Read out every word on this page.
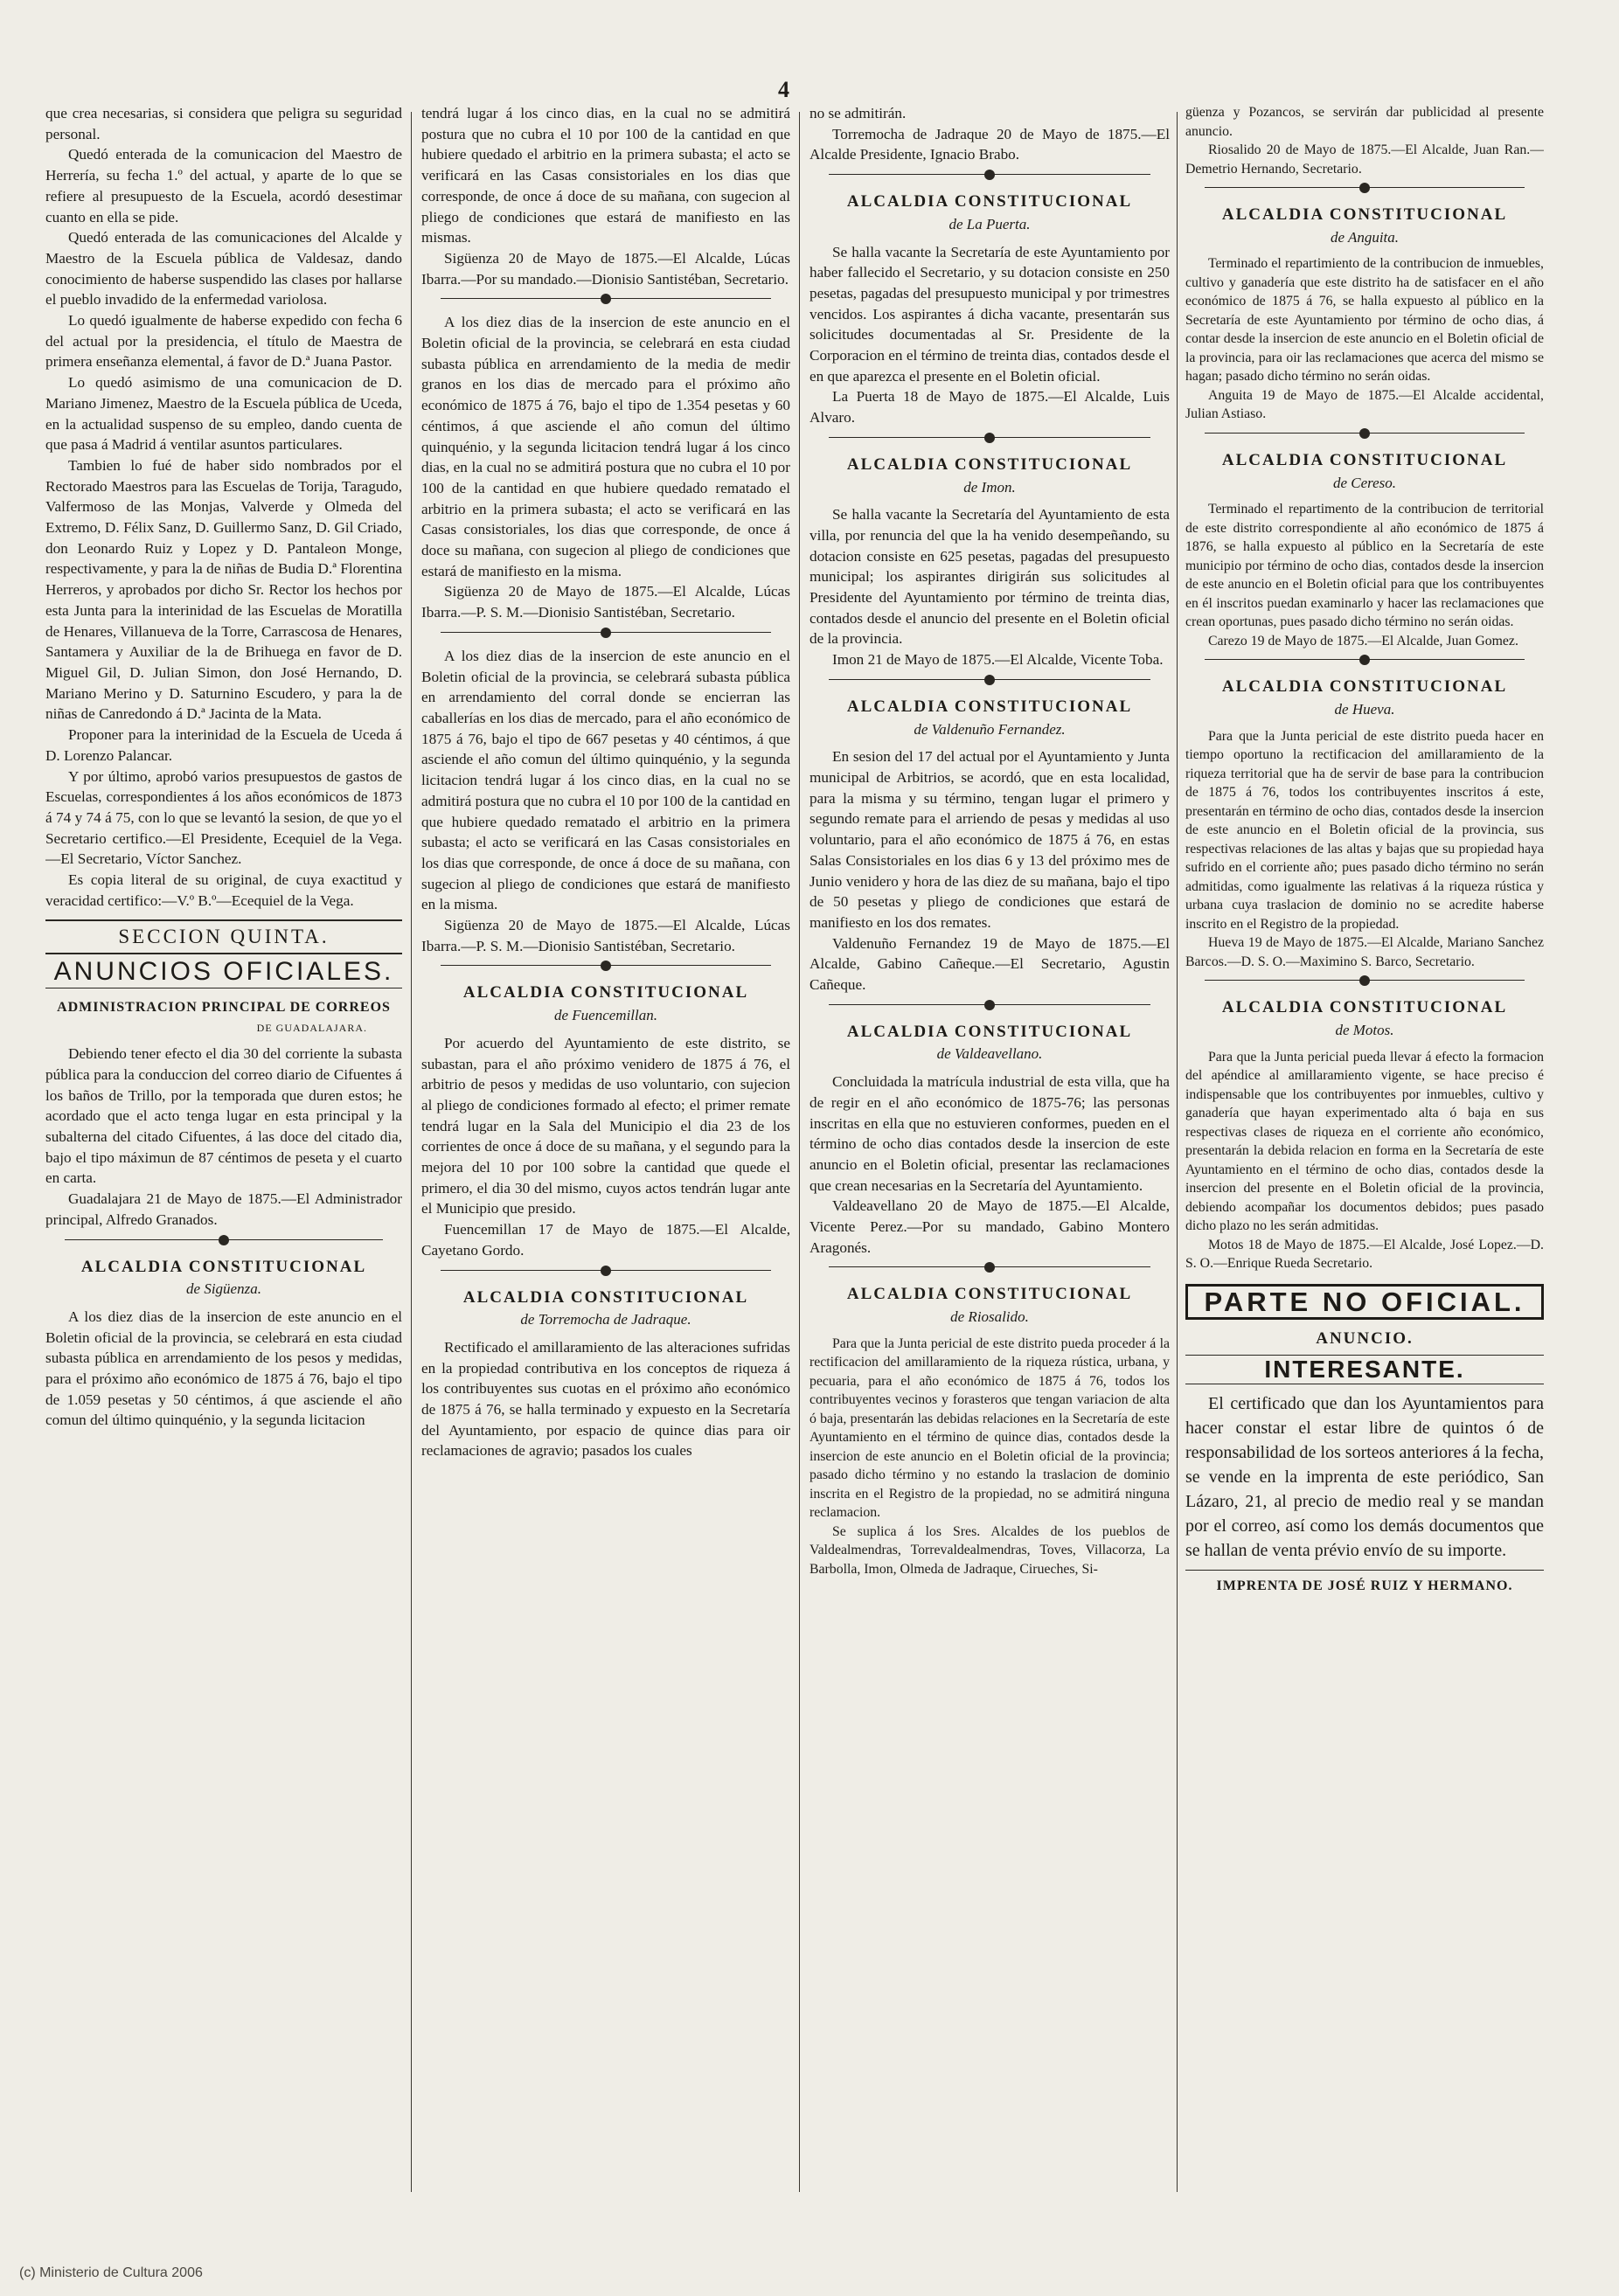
4

que crea necesarias, si considera que peligra su seguridad personal.

Quedó enterada de la comunicacion del Maestro de Herrería, su fecha 1.º del actual, y aparte de lo que se refiere al presupuesto de la Escuela, acordó desestimar cuanto en ella se pide.

Quedó enterada de las comunicaciones del Alcalde y Maestro de la Escuela pública de Valdesaz, dando conocimiento de haberse suspendido las clases por hallarse el pueblo invadido de la enfermedad variolosa.

Lo quedó igualmente de haberse expedido con fecha 6 del actual por la presidencia, el título de Maestra de primera enseñanza elemental, á favor de D.ª Juana Pastor.

Lo quedó asimismo de una comunicacion de D. Mariano Jimenez, Maestro de la Escuela pública de Uceda, en la actualidad suspenso de su empleo, dando cuenta de que pasa á Madrid á ventilar asuntos particulares.

Tambien lo fué de haber sido nombrados por el Rectorado Maestros para las Escuelas de Torija, Taragudo, Valfermoso de las Monjas, Valverde y Olmeda del Extremo, D. Félix Sanz, D. Guillermo Sanz, D. Gil Criado, don Leonardo Ruiz y Lopez y D. Pantaleon Monge, respectivamente, y para la de niñas de Budia D.ª Florentina Herreros, y aprobados por dicho Sr. Rector los hechos por esta Junta para la interinidad de las Escuelas de Moratilla de Henares, Villanueva de la Torre, Carrascosa de Henares, Santamera y Auxiliar de la de Brihuega en favor de D. Miguel Gil, D. Julian Simon, don José Hernando, D. Mariano Merino y D. Saturnino Escudero, y para la de niñas de Canredondo á D.ª Jacinta de la Mata.

Proponer para la interinidad de la Escuela de Uceda á D. Lorenzo Palancar.

Y por último, aprobó varios presupuestos de gastos de Escuelas, correspondientes á los años económicos de 1873 á 74 y 74 á 75, con lo que se levantó la sesion, de que yo el Secretario certifico.—El Presidente, Ecequiel de la Vega.—El Secretario, Víctor Sanchez.

Es copia literal de su original, de cuya exactitud y veracidad certifico:—V.º B.º—Ecequiel de la Vega.

SECCION QUINTA.
ANUNCIOS OFICIALES.
ADMINISTRACION PRINCIPAL DE CORREOS
DE GUADALAJARA.

Debiendo tener efecto el dia 30 del corriente la subasta pública para la conduccion del correo diario de Cifuentes á los baños de Trillo, por la temporada que duren estos; he acordado que el acto tenga lugar en esta principal y la subalterna del citado Cifuentes, á las doce del citado dia, bajo el tipo máximun de 87 céntimos de peseta y el cuarto en carta.

Guadalajara 21 de Mayo de 1875.—El Administrador principal, Alfredo Granados.

ALCALDIA CONSTITUCIONAL
de Sigüenza.

A los diez dias de la insercion de este anuncio en el Boletin oficial de la provincia, se celebrará en esta ciudad subasta pública en arrendamiento de los pesos y medidas, para el próximo año económico de 1875 á 76, bajo el tipo de 1.059 pesetas y 50 céntimos, á que asciende el año comun del último quinquénio, y la segunda licitacion

tendrá lugar á los cinco dias, en la cual no se admitirá postura que no cubra el 10 por 100 de la cantidad en que hubiere quedado el arbitrio en la primera subasta; el acto se verificará en las Casas consistoriales en los dias que corresponde, de once á doce de su mañana, con sugecion al pliego de condiciones que estará de manifiesto en las mismas.

Sigüenza 20 de Mayo de 1875.—El Alcalde, Lúcas Ibarra.—Por su mandado.—Dionisio Santistéban, Secretario.

A los diez dias de la insercion de este anuncio en el Boletin oficial de la provincia, se celebrará en esta ciudad subasta pública en arrendamiento de la media de medir granos en los dias de mercado para el próximo año económico de 1875 á 76, bajo el tipo de 1.354 pesetas y 60 céntimos, á que asciende el año comun del último quinquénio, y la segunda licitacion tendrá lugar á los cinco dias, en la cual no se admitirá postura que no cubra el 10 por 100 de la cantidad en que hubiere quedado rematado el arbitrio en la primera subasta; el acto se verificará en las Casas consistoriales, los dias que corresponde, de once á doce su mañana, con sugecion al pliego de condiciones que estará de manifiesto en la misma.

Sigüenza 20 de Mayo de 1875.—El Alcalde, Lúcas Ibarra.—P. S. M.—Dionisio Santistéban, Secretario.

A los diez dias de la insercion de este anuncio en el Boletin oficial de la provincia, se celebrará subasta pública en arrendamiento del corral donde se encierran las caballerías en los dias de mercado, para el año económico de 1875 á 76, bajo el tipo de 667 pesetas y 40 céntimos, á que asciende el año comun del último quinquénio, y la segunda licitacion tendrá lugar á los cinco dias, en la cual no se admitirá postura que no cubra el 10 por 100 de la cantidad en que hubiere quedado rematado el arbitrio en la primera subasta; el acto se verificará en las Casas consistoriales en los dias que corresponde, de once á doce de su mañana, con sugecion al pliego de condiciones que estará de manifiesto en la misma.

Sigüenza 20 de Mayo de 1875.—El Alcalde, Lúcas Ibarra.—P. S. M.—Dionisio Santistéban, Secretario.

ALCALDIA CONSTITUCIONAL
de Fuencemillan.

Por acuerdo del Ayuntamiento de este distrito, se subastan, para el año próximo venidero de 1875 á 76, el arbitrio de pesos y medidas de uso voluntario, con sujecion al pliego de condiciones formado al efecto; el primer remate tendrá lugar en la Sala del Municipio el dia 23 de los corrientes de once á doce de su mañana, y el segundo para la mejora del 10 por 100 sobre la cantidad que quede el primero, el dia 30 del mismo, cuyos actos tendrán lugar ante el Municipio que presido.

Fuencemillan 17 de Mayo de 1875.—El Alcalde, Cayetano Gordo.

ALCALDIA CONSTITUCIONAL
de Torremocha de Jadraque.

Rectificado el amillaramiento de las alteraciones sufridas en la propiedad contributiva en los conceptos de riqueza á los contribuyentes sus cuotas en el próximo año económico de 1875 á 76, se halla terminado y expuesto en la Secretaría del Ayuntamiento, por espacio de quince dias para oir reclamaciones de agravio; pasados los cuales

no se admitirán.

Torremocha de Jadraque 20 de Mayo de 1875.—El Alcalde Presidente, Ignacio Brabo.

ALCALDIA CONSTITUCIONAL
de La Puerta.

Se halla vacante la Secretaría de este Ayuntamiento por haber fallecido el Secretario, y su dotacion consiste en 250 pesetas, pagadas del presupuesto municipal y por trimestres vencidos. Los aspirantes á dicha vacante, presentarán sus solicitudes documentadas al Sr. Presidente de la Corporacion en el término de treinta dias, contados desde el en que aparezca el presente en el Boletin oficial.

La Puerta 18 de Mayo de 1875.—El Alcalde, Luis Alvaro.

ALCALDIA CONSTITUCIONAL
de Imon.

Se halla vacante la Secretaría del Ayuntamiento de esta villa, por renuncia del que la ha venido desempeñando, su dotacion consiste en 625 pesetas, pagadas del presupuesto municipal; los aspirantes dirigirán sus solicitudes al Presidente del Ayuntamiento por término de treinta dias, contados desde el anuncio del presente en el Boletin oficial de la provincia.

Imon 21 de Mayo de 1875.—El Alcalde, Vicente Toba.

ALCALDIA CONSTITUCIONAL
de Valdenuño Fernandez.

En sesion del 17 del actual por el Ayuntamiento y Junta municipal de Arbitrios, se acordó, que en esta localidad, para la misma y su término, tengan lugar el primero y segundo remate para el arriendo de pesas y medidas al uso voluntario, para el año económico de 1875 á 76, en estas Salas Consistoriales en los dias 6 y 13 del próximo mes de Junio venidero y hora de las diez de su mañana, bajo el tipo de 50 pesetas y pliego de condiciones que estará de manifiesto en los dos remates.

Valdenuño Fernandez 19 de Mayo de 1875.—El Alcalde, Gabino Cañeque.—El Secretario, Agustin Cañeque.

ALCALDIA CONSTITUCIONAL
de Valdeavellano.

Concluidada la matrícula industrial de esta villa, que ha de regir en el año económico de 1875-76; las personas inscritas en ella que no estuvieren conformes, pueden en el término de ocho dias contados desde la insercion de este anuncio en el Boletin oficial, presentar las reclamaciones que crean necesarias en la Secretaría del Ayuntamiento.

Valdeavellano 20 de Mayo de 1875.—El Alcalde, Vicente Perez.—Por su mandado, Gabino Montero Aragonés.

ALCALDIA CONSTITUCIONAL
de Riosalido.

Para que la Junta pericial de este distrito pueda proceder á la rectificacion del amillaramiento de la riqueza rústica, urbana, y pecuaria, para el año económico de 1875 á 76, todos los contribuyentes vecinos y forasteros que tengan variacion de alta ó baja, presentarán las debidas relaciones en la Secretaría de este Ayuntamiento en el término de quince dias, contados desde la insercion de este anuncio en el Boletin oficial de la provincia; pasado dicho término y no estando la traslacion de dominio inscrita en el Registro de la propiedad, no se admitirá ninguna reclamacion.

Se suplica á los Sres. Alcaldes de los pueblos de Valdealmendras, Torrevaldealmendras, Toves, Villacorza, La Barbolla, Imon, Olmeda de Jadraque, Cirueches, Si-

güenza y Pozancos, se servirán dar publicidad al presente anuncio.

Riosalido 20 de Mayo de 1875.—El Alcalde, Juan Ran.—Demetrio Hernando, Secretario.

ALCALDIA CONSTITUCIONAL
de Anguita.

Terminado el repartimiento de la contribucion de inmuebles, cultivo y ganadería que este distrito ha de satisfacer en el año económico de 1875 á 76, se halla expuesto al público en la Secretaría de este Ayuntamiento por término de ocho dias, á contar desde la insercion de este anuncio en el Boletin oficial de la provincia, para oir las reclamaciones que acerca del mismo se hagan; pasado dicho término no serán oidas.

Anguita 19 de Mayo de 1875.—El Alcalde accidental, Julian Astiaso.

ALCALDIA CONSTITUCIONAL
de Cereso.

Terminado el repartimento de la contribucion de territorial de este distrito correspondiente al año económico de 1875 á 1876, se halla expuesto al público en la Secretaría de este municipio por término de ocho dias, contados desde la insercion de este anuncio en el Boletin oficial para que los contribuyentes en él inscritos puedan examinarlo y hacer las reclamaciones que crean oportunas, pues pasado dicho término no serán oidas.

Carezo 19 de Mayo de 1875.—El Alcalde, Juan Gomez.

ALCALDIA CONSTITUCIONAL
de Hueva.

Para que la Junta pericial de este distrito pueda hacer en tiempo oportuno la rectificacion del amillaramiento de la riqueza territorial que ha de servir de base para la contribucion de 1875 á 76, todos los contribuyentes inscritos á este, presentarán en término de ocho dias, contados desde la insercion de este anuncio en el Boletin oficial de la provincia, sus respectivas relaciones de las altas y bajas que su propiedad haya sufrido en el corriente año; pues pasado dicho término no serán admitidas, como igualmente las relativas á la riqueza rústica y urbana cuya traslacion de dominio no se acredite haberse inscrito en el Registro de la propiedad.

Hueva 19 de Mayo de 1875.—El Alcalde, Mariano Sanchez Barcos.—D. S. O.—Maximino S. Barco, Secretario.

ALCALDIA CONSTITUCIONAL
de Motos.

Para que la Junta pericial pueda llevar á efecto la formacion del apéndice al amillaramiento vigente, se hace preciso é indispensable que los contribuyentes por inmuebles, cultivo y ganadería que hayan experimentado alta ó baja en sus respectivas clases de riqueza en el corriente año económico, presentarán la debida relacion en forma en la Secretaría de este Ayuntamiento en el término de ocho dias, contados desde la insercion del presente en el Boletin oficial de la provincia, debiendo acompañar los documentos debidos; pues pasado dicho plazo no les serán admitidas.

Motos 18 de Mayo de 1875.—El Alcalde, José Lopez.—D. S. O.—Enrique Rueda Secretario.

PARTE NO OFICIAL.
ANUNCIO.
INTERESANTE.

El certificado que dan los Ayuntamientos para hacer constar el estar libre de quintos ó de responsabilidad de los sorteos anteriores á la fecha, se vende en la imprenta de este periódico, San Lázaro, 21, al precio de medio real y se mandan por el correo, así como los demás documentos que se hallan de venta prévio envío de su importe.

IMPRENTA DE JOSÉ RUIZ Y HERMANO.
(c) Ministerio de Cultura 2006
